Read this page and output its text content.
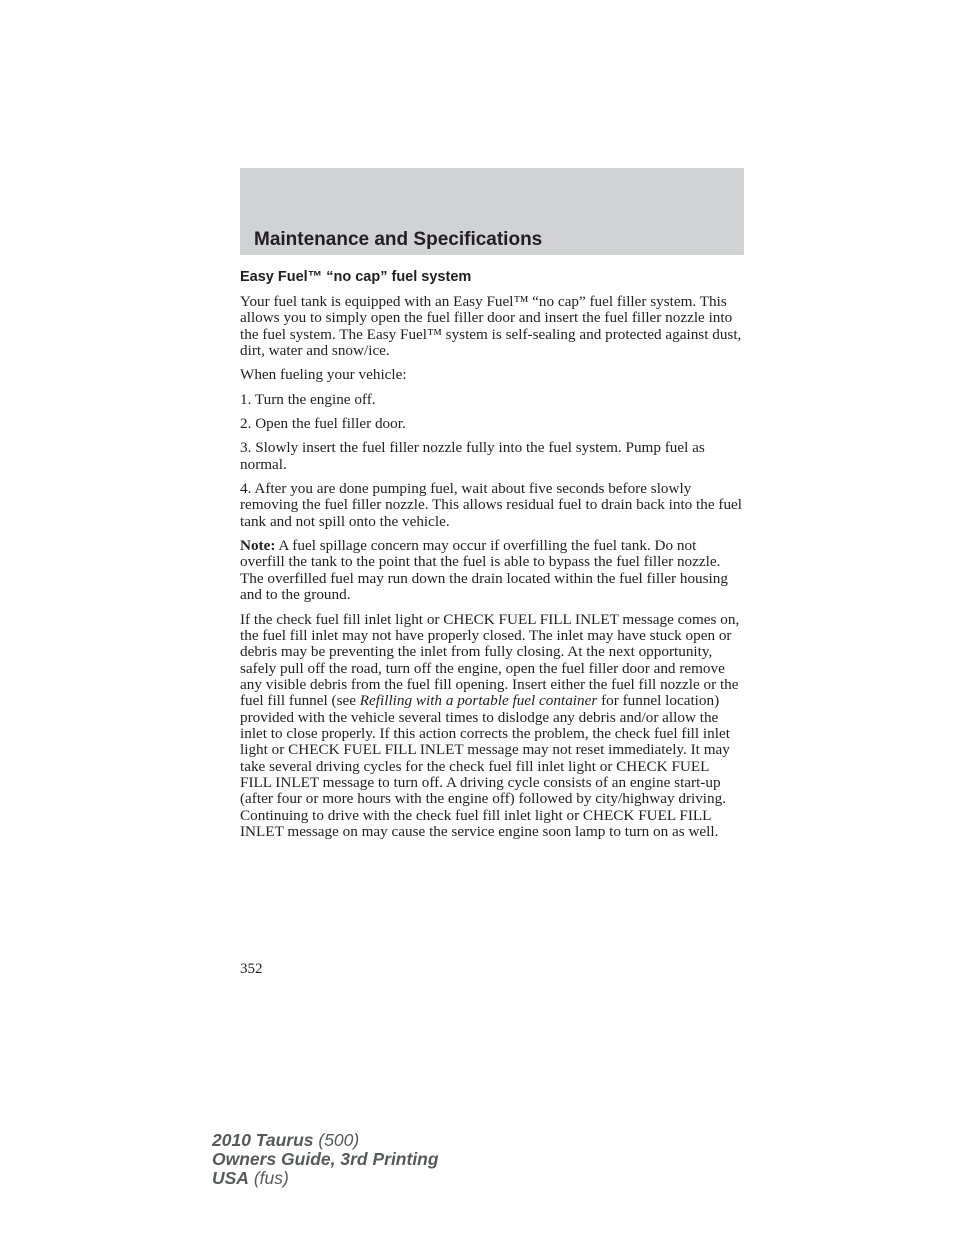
Maintenance and Specifications
Easy Fuel™ “no cap” fuel system

Your fuel tank is equipped with an Easy Fuel™ “no cap” fuel filler system. This allows you to simply open the fuel filler door and insert the fuel filler nozzle into the fuel system. The Easy Fuel™ system is self-sealing and protected against dust, dirt, water and snow/ice.

When fueling your vehicle:

1. Turn the engine off.

2. Open the fuel filler door.

3. Slowly insert the fuel filler nozzle fully into the fuel system. Pump fuel as normal.

4. After you are done pumping fuel, wait about five seconds before slowly removing the fuel filler nozzle. This allows residual fuel to drain back into the fuel tank and not spill onto the vehicle.

Note: A fuel spillage concern may occur if overfilling the fuel tank. Do not overfill the tank to the point that the fuel is able to bypass the fuel filler nozzle. The overfilled fuel may run down the drain located within the fuel filler housing and to the ground.

If the check fuel fill inlet light or CHECK FUEL FILL INLET message comes on, the fuel fill inlet may not have properly closed. The inlet may have stuck open or debris may be preventing the inlet from fully closing. At the next opportunity, safely pull off the road, turn off the engine, open the fuel filler door and remove any visible debris from the fuel fill opening. Insert either the fuel fill nozzle or the fuel fill funnel (see Refilling with a portable fuel container for funnel location) provided with the vehicle several times to dislodge any debris and/or allow the inlet to close properly. If this action corrects the problem, the check fuel fill inlet light or CHECK FUEL FILL INLET message may not reset immediately. It may take several driving cycles for the check fuel fill inlet light or CHECK FUEL FILL INLET message to turn off. A driving cycle consists of an engine start-up (after four or more hours with the engine off) followed by city/highway driving. Continuing to drive with the check fuel fill inlet light or CHECK FUEL FILL INLET message on may cause the service engine soon lamp to turn on as well.

352
2010 Taurus (500)
Owners Guide, 3rd Printing
USA (fus)
